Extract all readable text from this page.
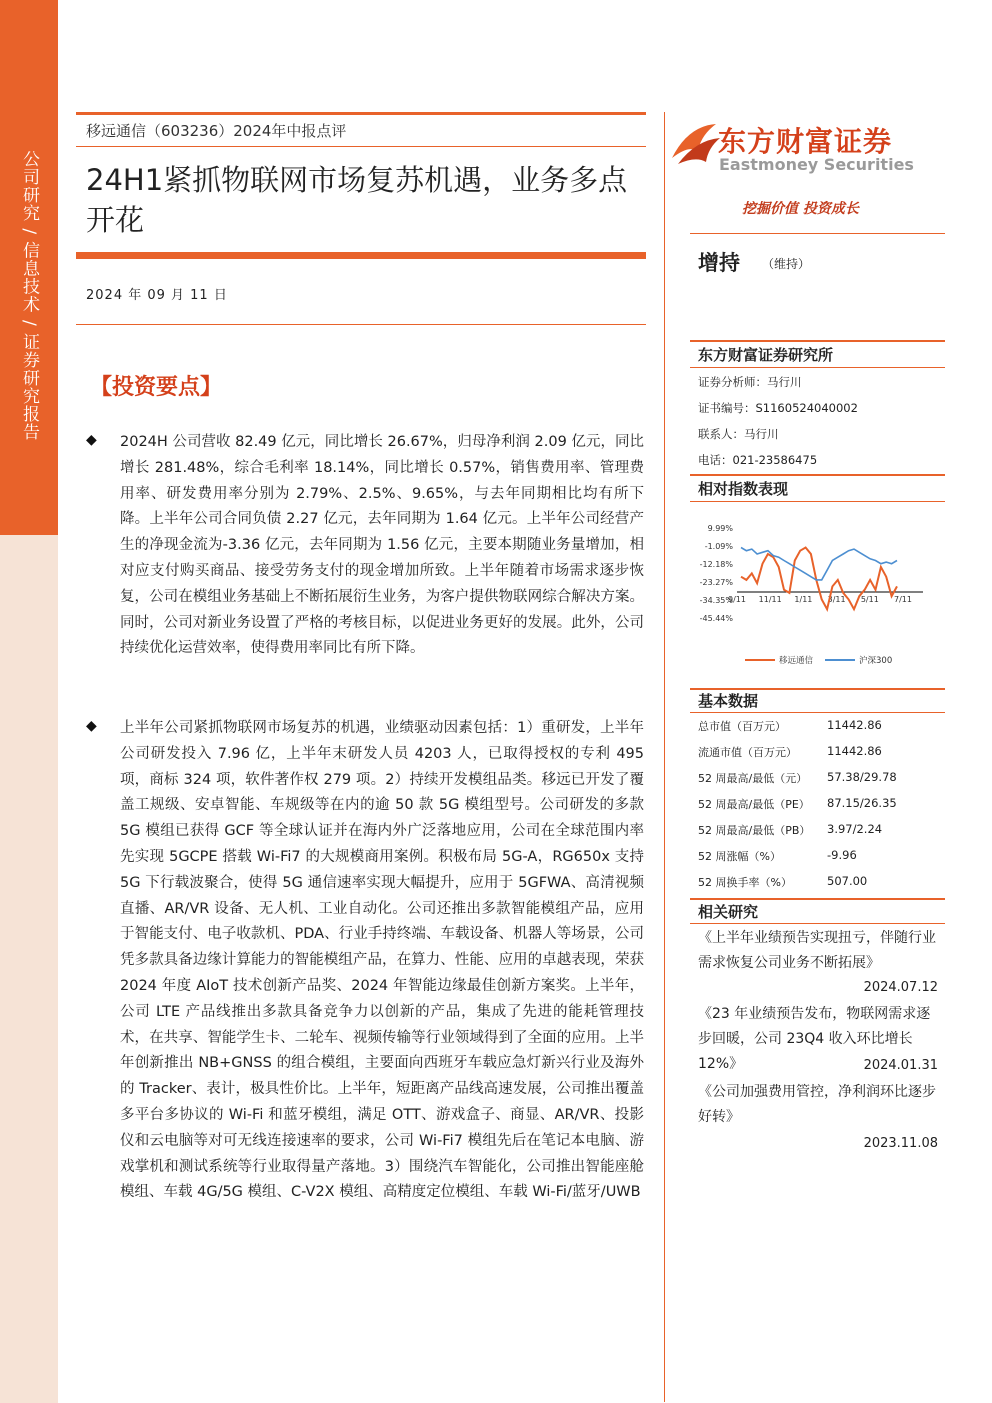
公司研究 / 信息技术 / 证券研究报告
移远通信（603236）2024年中报点评
24H1紧抓物联网市场复苏机遇，业务多点开花
2024 年 09 月 11 日
【投资要点】
◆ 2024H 公司营收 82.49 亿元，同比增长 26.67%，归母净利润 2.09 亿元，同比增长 281.48%，综合毛利率 18.14%，同比增长 0.57%，销售费用率、管理费用率、研发费用率分别为 2.79%、2.5%、9.65%，与去年同期相比均有所下降。上半年公司合同负债 2.27 亿元，去年同期为 1.64 亿元。上半年公司经营产生的净现金流为-3.36 亿元，去年同期为 1.56 亿元，主要本期随业务量增加，相对应支付购买商品、接受劳务支付的现金增加所致。上半年随着市场需求逐步恢复，公司在模组业务基础上不断拓展衍生业务，为客户提供物联网综合解决方案。同时，公司对新业务设置了严格的考核目标，以促进业务更好的发展。此外，公司持续优化运营效率，使得费用率同比有所下降。
◆ 上半年公司紧抓物联网市场复苏的机遇，业绩驱动因素包括：1）重研发，上半年公司研发投入 7.96 亿，上半年末研发人员 4203 人，已取得授权的专利 495 项，商标 324 项，软件著作权 279 项。2）持续开发模组品类。移远已开发了覆盖工规级、安卓智能、车规级等在内的逾 50 款 5G 模组型号。公司研发的多款 5G 模组已获得 GCF 等全球认证并在海内外广泛落地应用，公司在全球范围内率先实现 5GCPE 搭载 Wi-Fi7 的大规模商用案例。积极布局 5G-A，RG650x 支持 5G 下行载波聚合，使得 5G 通信速率实现大幅提升，应用于 5GFWA、高清视频直播、AR/VR 设备、无人机、工业自动化。公司还推出多款智能模组产品，应用于智能支付、电子收款机、PDA、行业手持终端、车载设备、机器人等场景，公司凭多款具备边缘计算能力的智能模组产品，在算力、性能、应用的卓越表现，荣获 2024 年度 AIoT 技术创新产品奖、2024 年智能边缘最佳创新方案奖。上半年，公司 LTE 产品线推出多款具备竞争力以创新的产品，集成了先进的能耗管理技术，在共享、智能学生卡、二轮车、视频传输等行业领域得到了全面的应用。上半年创新推出 NB+GNSS 的组合模组，主要面向西班牙车载应急灯新兴行业及海外的 Tracker、表计，极具性价比。上半年，短距离产品线高速发展，公司推出覆盖多平台多协议的 Wi-Fi 和蓝牙模组，满足 OTT、游戏盒子、商显、AR/VR、投影仪和云电脑等对可无线连接速率的要求，公司 Wi-Fi7 模组先后在笔记本电脑、游戏掌机和测试系统等行业取得量产落地。3）围绕汽车智能化，公司推出智能座舱模组、车载 4G/5G 模组、C-V2X 模组、高精度定位模组、车载 Wi-Fi/蓝牙/UWB
东方财富证券
Eastmoney Securities
挖掘价值 投资成长
增持 （维持）
东方财富证券研究所
证券分析师：马行川
证书编号：S1160524040002
联系人：马行川
电话：021-23586475
相对指数表现
9.99%
-1.09%
-12.18%
-23.27%
-34.35%
-45.44%
9/11 11/11 1/11 3/11 5/11 7/11
移远通信	沪深300
基本数据
总市值（百万元）	11442.86
流通市值（百万元）	11442.86
52 周最高/最低（元） 57.38/29.78
52 周最高/最低（PE） 87.15/26.35
52 周最高/最低（PB） 3.97/2.24
52 周涨幅（%）	-9.96
52 周换手率（%）	507.00
相关研究
《上半年业绩预告实现扭亏，伴随行业需求恢复公司业务不断拓展》
2024.07.12
《23 年业绩预告发布，物联网需求逐步回暖，公司 23Q4 收入环比增长 12%》	2024.01.31
《公司加强费用管控，净利润环比逐步好转》
2023.11.08
